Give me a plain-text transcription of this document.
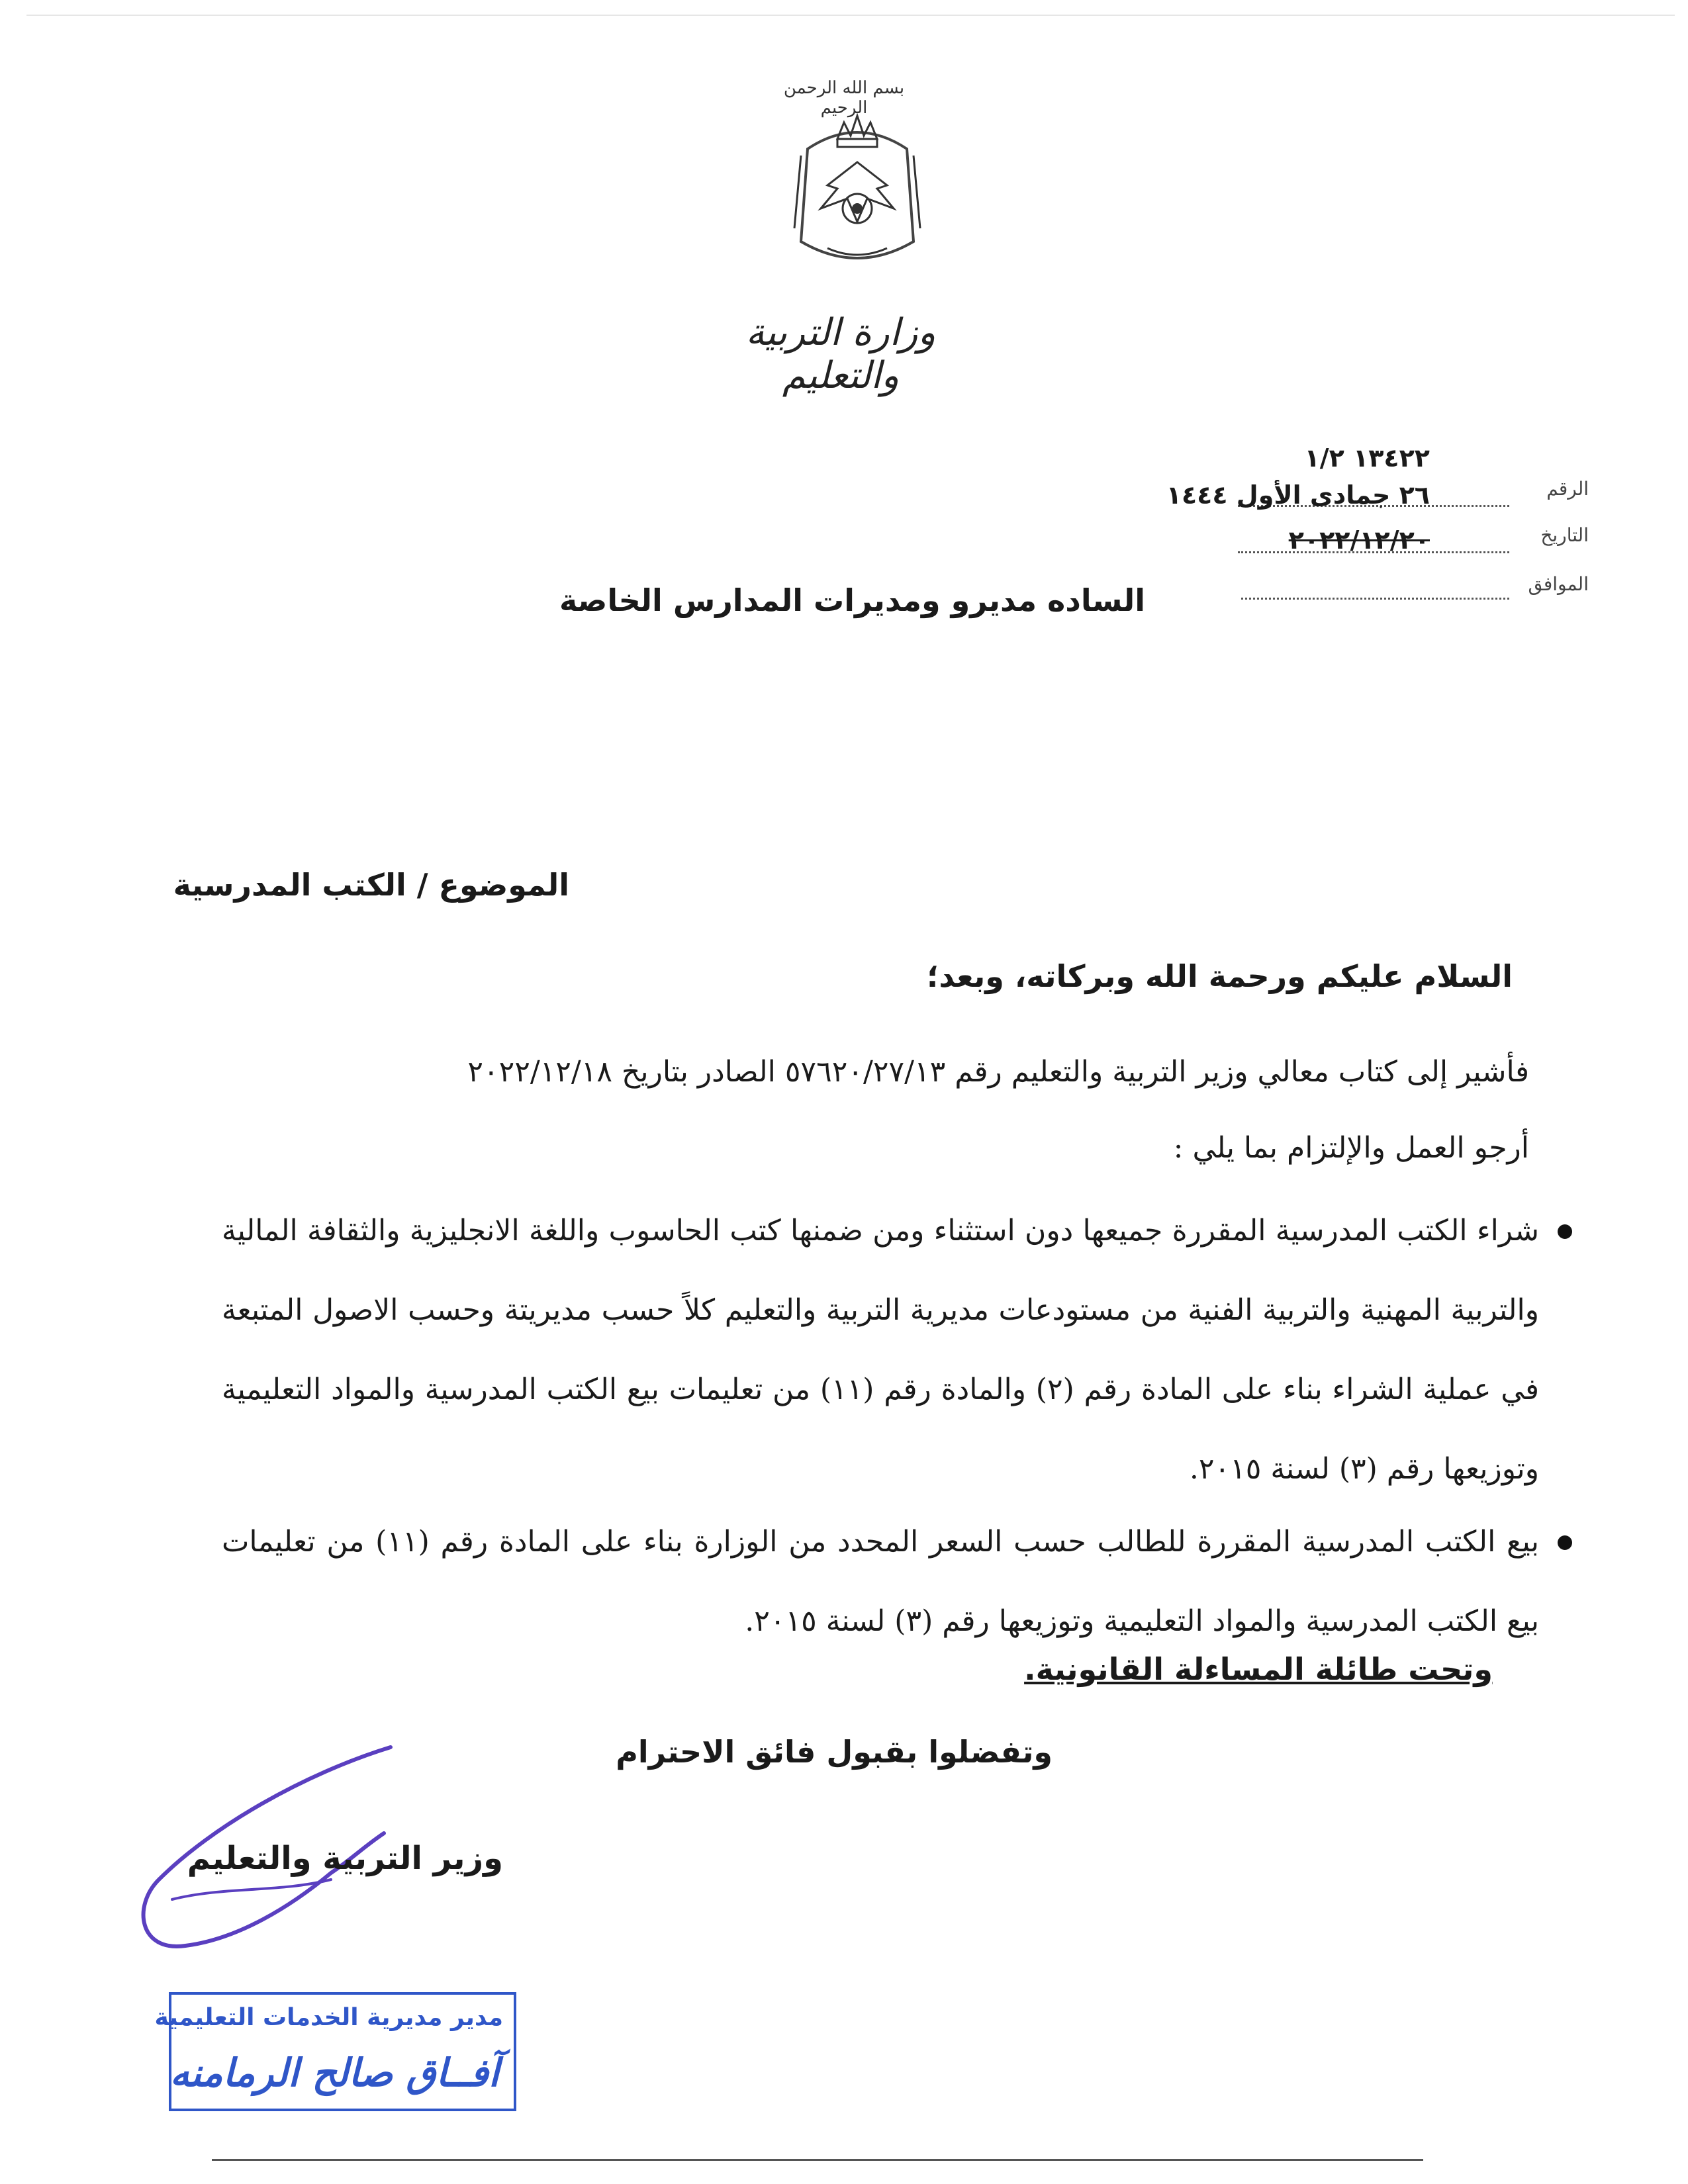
بسم الله الرحمن الرحيم
وزارة التربية والتعليم
الرقم
التاريخ
الموافق
١٣٤٢٢ ١/٢
٢٦ جمادى الأول ١٤٤٤
٢٠٢٢/١٢/٢٠
الساده مديرو ومديرات المدارس الخاصة
الموضوع / الكتب المدرسية
السلام عليكم ورحمة الله وبركاته، وبعد؛
فأشير إلى كتاب معالي وزير التربية والتعليم رقم ٥٧٦٢٠/٢٧/١٣ الصادر بتاريخ ٢٠٢٢/١٢/١٨
أرجو العمل والإلتزام بما يلي :
شراء الكتب المدرسية المقررة جميعها دون استثناء ومن ضمنها كتب الحاسوب واللغة الانجليزية والثقافة المالية والتربية المهنية والتربية الفنية من مستودعات مديرية التربية والتعليم كلاً حسب مديريتة وحسب الاصول المتبعة في عملية الشراء بناء على المادة رقم (٢) والمادة رقم (١١) من تعليمات بيع الكتب المدرسية والمواد التعليمية وتوزيعها رقم (٣) لسنة ٢٠١٥.
بيع الكتب المدرسية المقررة للطالب حسب السعر المحدد من الوزارة بناء على المادة رقم (١١) من تعليمات بيع الكتب المدرسية والمواد التعليمية وتوزيعها رقم (٣) لسنة ٢٠١٥.
وتحت طائلة المساءلة القانونية.
وتفضلوا بقبول فائق الاحترام
وزير التربية والتعليم
مدير مديرية الخدمات التعليمية
آفــاق صالح الرمامنه
